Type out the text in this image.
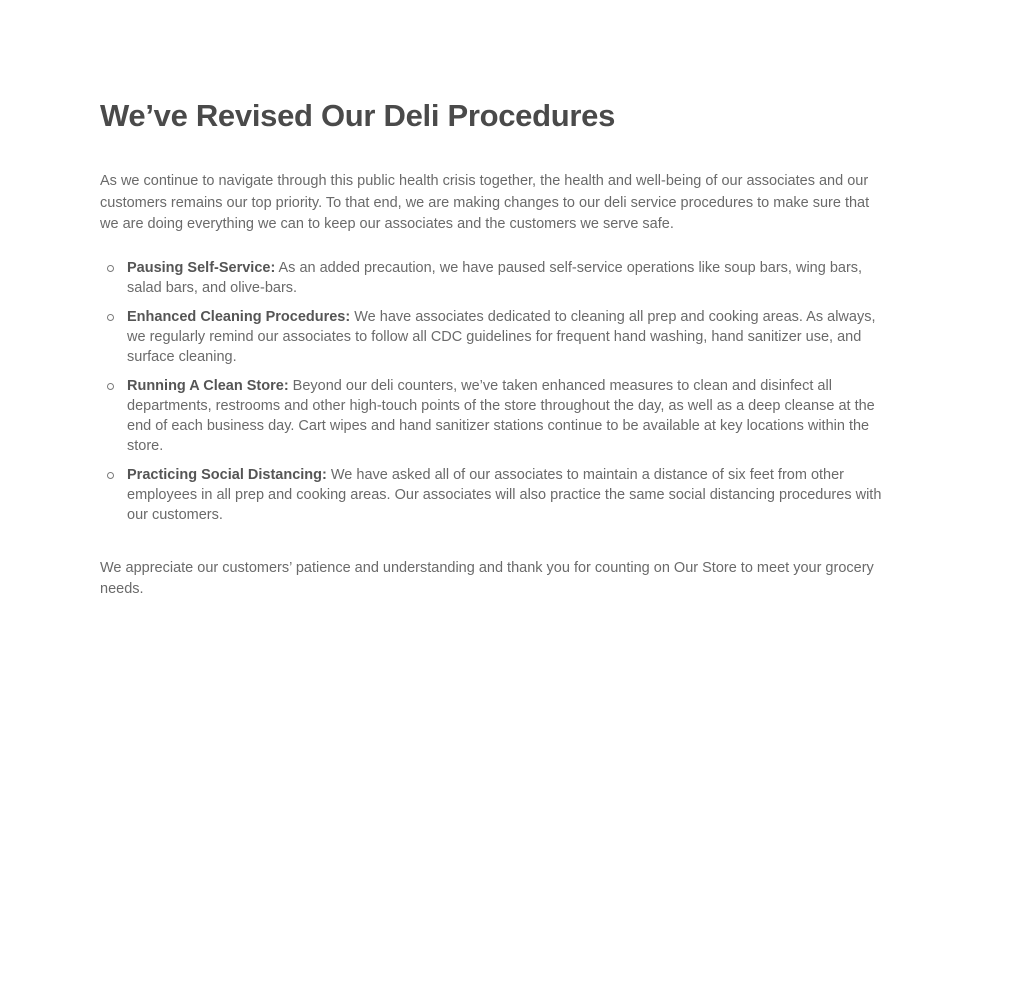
We’ve Revised Our Deli Procedures

As we continue to navigate through this public health crisis together, the health and well-being of our associates and our customers remains our top priority. To that end, we are making changes to our deli service procedures to make sure that we are doing everything we can to keep our associates and the customers we serve safe.

Pausing Self-Service: As an added precaution, we have paused self-service operations like soup bars, wing bars, salad bars, and olive-bars.
Enhanced Cleaning Procedures: We have associates dedicated to cleaning all prep and cooking areas. As always, we regularly remind our associates to follow all CDC guidelines for frequent hand washing, hand sanitizer use, and surface cleaning.
Running A Clean Store: Beyond our deli counters, we’ve taken enhanced measures to clean and disinfect all departments, restrooms and other high-touch points of the store throughout the day, as well as a deep cleanse at the end of each business day. Cart wipes and hand sanitizer stations continue to be available at key locations within the store.
Practicing Social Distancing: We have asked all of our associates to maintain a distance of six feet from other employees in all prep and cooking areas. Our associates will also practice the same social distancing procedures with our customers.

We appreciate our customers’ patience and understanding and thank you for counting on Our Store to meet your grocery needs.
